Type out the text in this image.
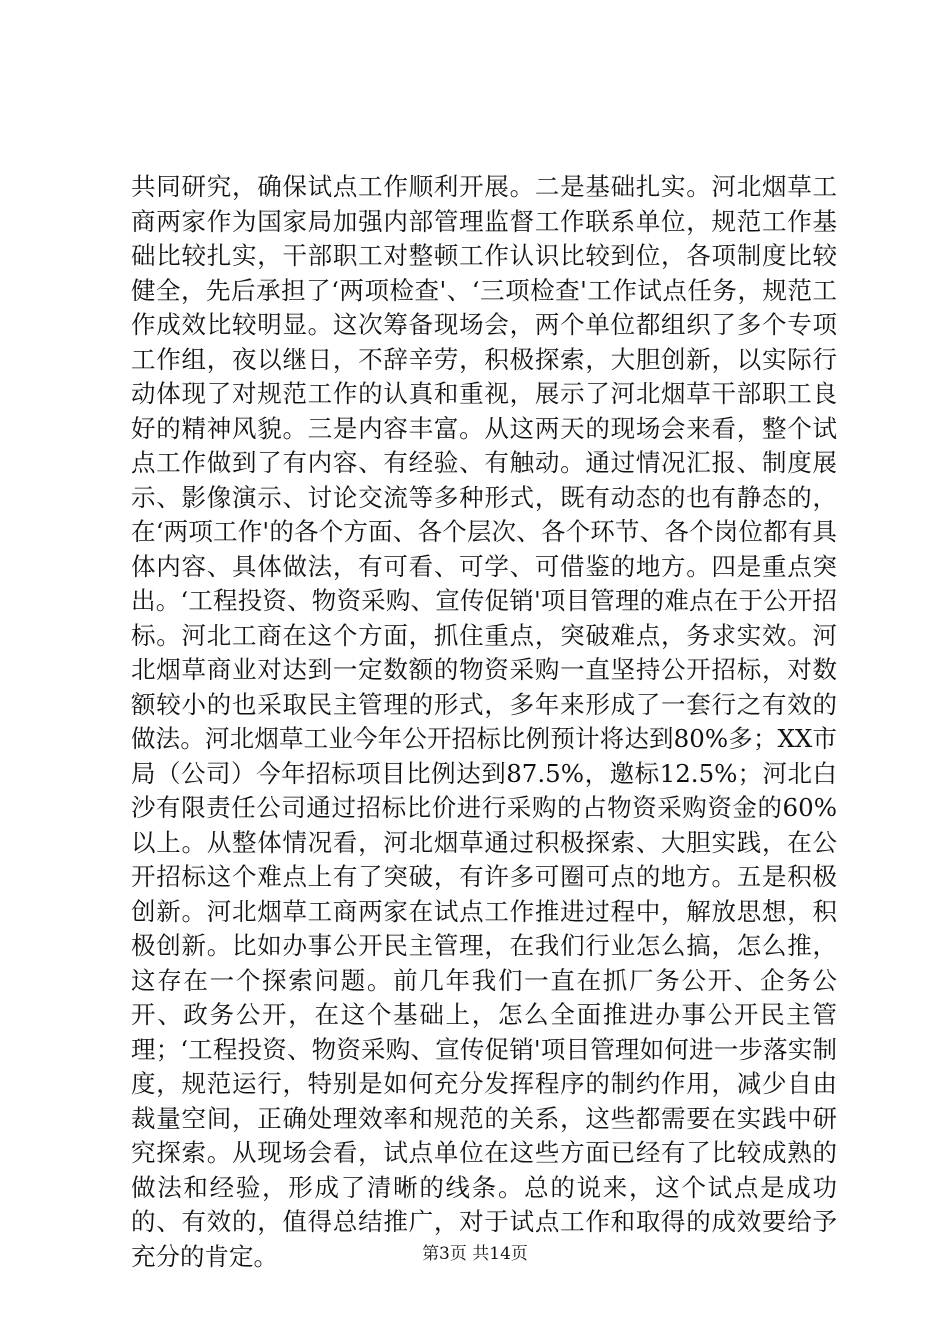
共同研究，确保试点工作顺利开展。二是基础扎实。河北烟草工商两家作为国家局加强内部管理监督工作联系单位，规范工作基础比较扎实，干部职工对整顿工作认识比较到位，各项制度比较健全，先后承担了‘两项检查'、‘三项检查'工作试点任务，规范工作成效比较明显。这次筹备现场会，两个单位都组织了多个专项工作组，夜以继日，不辞辛劳，积极探索，大胆创新，以实际行动体现了对规范工作的认真和重视，展示了河北烟草干部职工良好的精神风貌。三是内容丰富。从这两天的现场会来看，整个试点工作做到了有内容、有经验、有触动。通过情况汇报、制度展示、影像演示、讨论交流等多种形式，既有动态的也有静态的，在‘两项工作'的各个方面、各个层次、各个环节、各个岗位都有具体内容、具体做法，有可看、可学、可借鉴的地方。四是重点突出。‘工程投资、物资采购、宣传促销'项目管理的难点在于公开招标。河北工商在这个方面，抓住重点，突破难点，务求实效。河北烟草商业对达到一定数额的物资采购一直坚持公开招标，对数额较小的也采取民主管理的形式，多年来形成了一套行之有效的做法。河北烟草工业今年公开招标比例预计将达到80%多；XX市局（公司）今年招标项目比例达到87.5%，邀标12.5%；河北白沙有限责任公司通过招标比价进行采购的占物资采购资金的60%以上。从整体情况看，河北烟草通过积极探索、大胆实践，在公开招标这个难点上有了突破，有许多可圈可点的地方。五是积极创新。河北烟草工商两家在试点工作推进过程中，解放思想，积极创新。比如办事公开民主管理，在我们行业怎么搞，怎么推，这存在一个探索问题。前几年我们一直在抓厂务公开、企务公开、政务公开，在这个基础上，怎么全面推进办事公开民主管理；‘工程投资、物资采购、宣传促销'项目管理如何进一步落实制度，规范运行，特别是如何充分发挥程序的制约作用，减少自由裁量空间，正确处理效率和规范的关系，这些都需要在实践中研究探索。从现场会看，试点单位在这些方面已经有了比较成熟的做法和经验，形成了清晰的线条。总的说来，这个试点是成功的、有效的，值得总结推广，对于试点工作和取得的成效要给予充分的肯定。	第3页 共14页
